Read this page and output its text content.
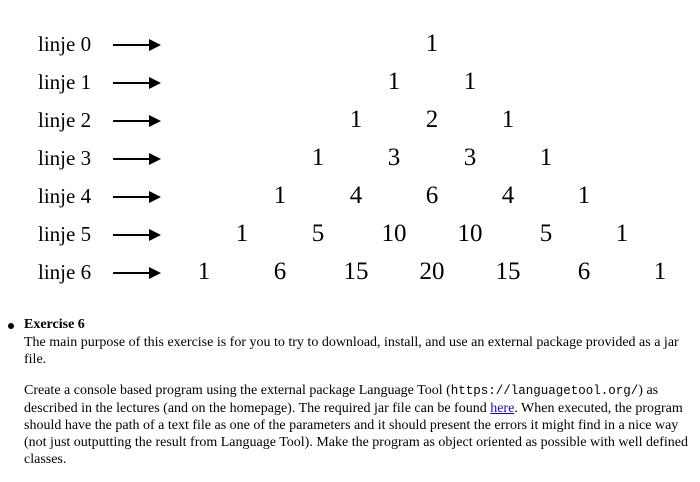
linje 0	1
linje 1	1	1
linje 2	1	2	1
linje 3	1	3	3	1
linje 4	1	4	6	4	1
linje 5	1	5 10 10 5	1
linje 6	1	6 15 20 15 6	1
Exercise 6
The main purpose of this exercise is for you to try to download, install, and use an external package provided as a jar file.
Create a console based program using the external package Language Tool (https://languagetool.org/) as described in the lectures (and on the homepage). The required jar file can be found here. When executed, the program should have the path of a text file as one of the parameters and it should present the errors it might find in a nice way (not just outputting the result from Language Tool). Make the program as object oriented as possible with well defined classes.
